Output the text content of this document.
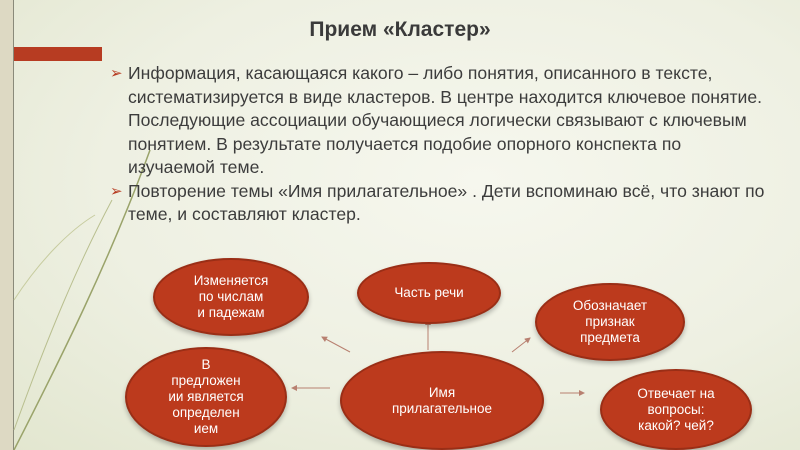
Прием «Кластер»
➢ Информация, касающаяся какого – либо понятия, описанного в тексте, систематизируется в виде кластеров. В центре находится ключевое понятие. Последующие ассоциации обучающиеся логически связывают с ключевым понятием. В результате получается подобие опорного конспекта по изучаемой теме.
➢ Повторение темы «Имя прилагательное» . Дети вспоминаю всё, что знают по теме, и составляют кластер.
Изменяется
по числам
и падежам
Часть речи
Обозначает
признак
предмета
В
предложен
ии является
определен
ием
Имя
прилагательное
Отвечает на
вопросы:
какой? чей?
